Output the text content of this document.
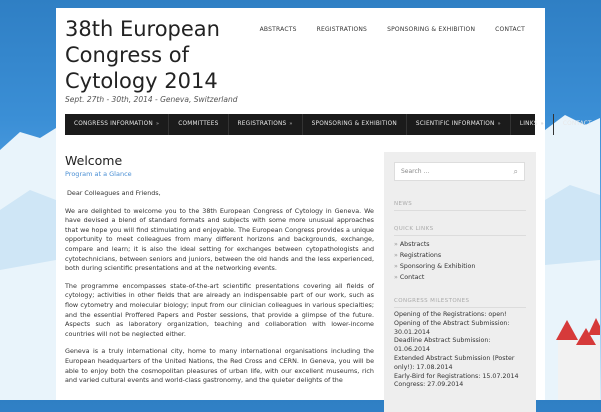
38th European Congress of Cytology 2014
Sept. 27th - 30th, 2014 - Geneva, Switzerland
ABSTRACTS	REGISTRATIONS	SPONSORING & EXHIBITION	CONTACT
CONGRESS INFORMATION »	COMMITTEES	REGISTRATIONS »	SPONSORING & EXHIBITION	SCIENTIFIC INFORMATION »	LINKS »	CONTACT
Welcome
Program at a Glance

Dear Colleagues and Friends,

We are delighted to welcome you to the 38th European Congress of Cytology in Geneva. We have devised a blend of standard formats and subjects with some more unusual approaches that we hope you will find stimulating and enjoyable. The European Congress provides a unique opportunity to meet colleagues from many different horizons and backgrounds, exchange, compare and learn; it is also the ideal setting for exchanges between cytopathologists and cytotechnicians, between seniors and juniors, between the old hands and the less experienced, both during scientific presentations and at the networking events.

The programme encompasses state-of-the-art scientific presentations covering all fields of cytology; activities in other fields that are already an indispensable part of our work, such as flow cytometry and molecular biology; input from our clinician colleagues in various specialties; and the essential Proffered Papers and Poster sessions, that provide a glimpse of the future. Aspects such as laboratory organization, teaching and collaboration with lower-income countries will not be neglected either.

Geneva is a truly international city, home to many international organisations including the European headquarters of the United Nations, the Red Cross and CERN. In Geneva, you will be able to enjoy both the cosmopolitan pleasures of urban life, with our excellent museums, rich and varied cultural events and world-class gastronomy, and the quieter delights of the

Search ...	⌕
NEWS
QUICK LINKS
» Abstracts
» Registrations
» Sponsoring & Exhibition
» Contact
CONGRESS MILESTONES
Opening of the Registrations: open!
Opening of the Abstract Submission:
30.01.2014
Deadline Abstract Submission:
01.06.2014
Extended Abstract Submission (Poster
only!): 17.08.2014
Early-Bird for Registrations: 15.07.2014
Congress: 27.09.2014
